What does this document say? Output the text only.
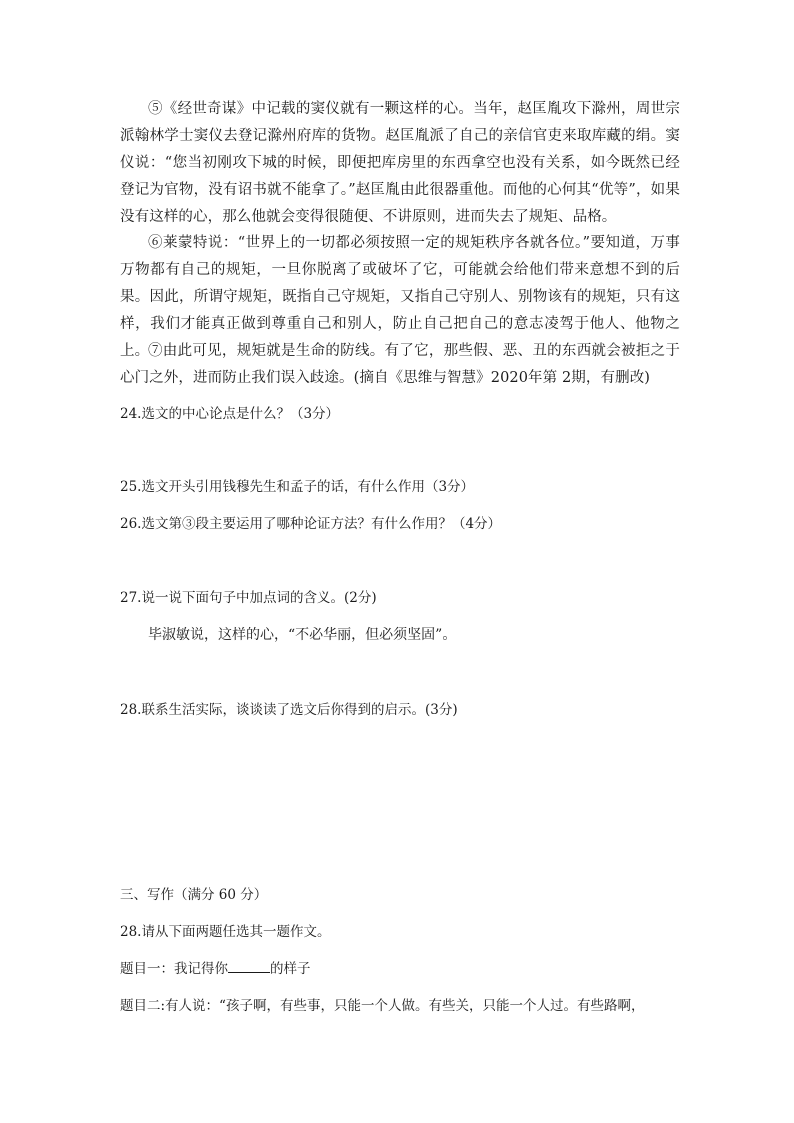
⑤《经世奇谋》中记载的窦仪就有一颗这样的心。当年，赵匡胤攻下滁州，周世宗派翰林学士窦仪去登记滁州府库的货物。赵匡胤派了自己的亲信官吏来取库藏的绢。窦仪说：“您当初刚攻下城的时候，即便把库房里的东西拿空也没有关系，如今既然已经登记为官物，没有诏书就不能拿了。”赵匡胤由此很器重他。而他的心何其“优等”，如果没有这样的心，那么他就会变得很随便、不讲原则，进而失去了规矩、品格。

⑥莱蒙特说：“世界上的一切都必须按照一定的规矩秩序各就各位。”要知道，万事万物都有自己的规矩，一旦你脱离了或破坏了它，可能就会给他们带来意想不到的后果。因此，所谓守规矩，既指自己守规矩，又指自己守别人、别物该有的规矩，只有这样，我们才能真正做到尊重自己和别人，防止自己把自己的意志凌驾于他人、他物之上。

⑦由此可见，规矩就是生命的防线。有了它，那些假、恶、丑的东西就会被拒之于心门之外，进而防止我们误入歧途。(摘自《思维与智慧》2020年第 2期，有删改)

24.选文的中心论点是什么？（3分）

25.选文开头引用钱穆先生和孟子的话，有什么作用（3分）

26.选文第③段主要运用了哪种论证方法？有什么作用？（4分）

27.说一说下面句子中加点词的含义。(2分)

毕淑敏说，这样的心，“不必华丽，但必须坚固”。

28.联系生活实际，谈谈读了选文后你得到的启示。(3分)

三、写作（满分 60 分）

28.请从下面两题任选其一题作文。

题目一：我记得你	的样子

题目二:有人说：“孩子啊，有些事，只能一个人做。有些关，只能一个人过。有些路啊，
